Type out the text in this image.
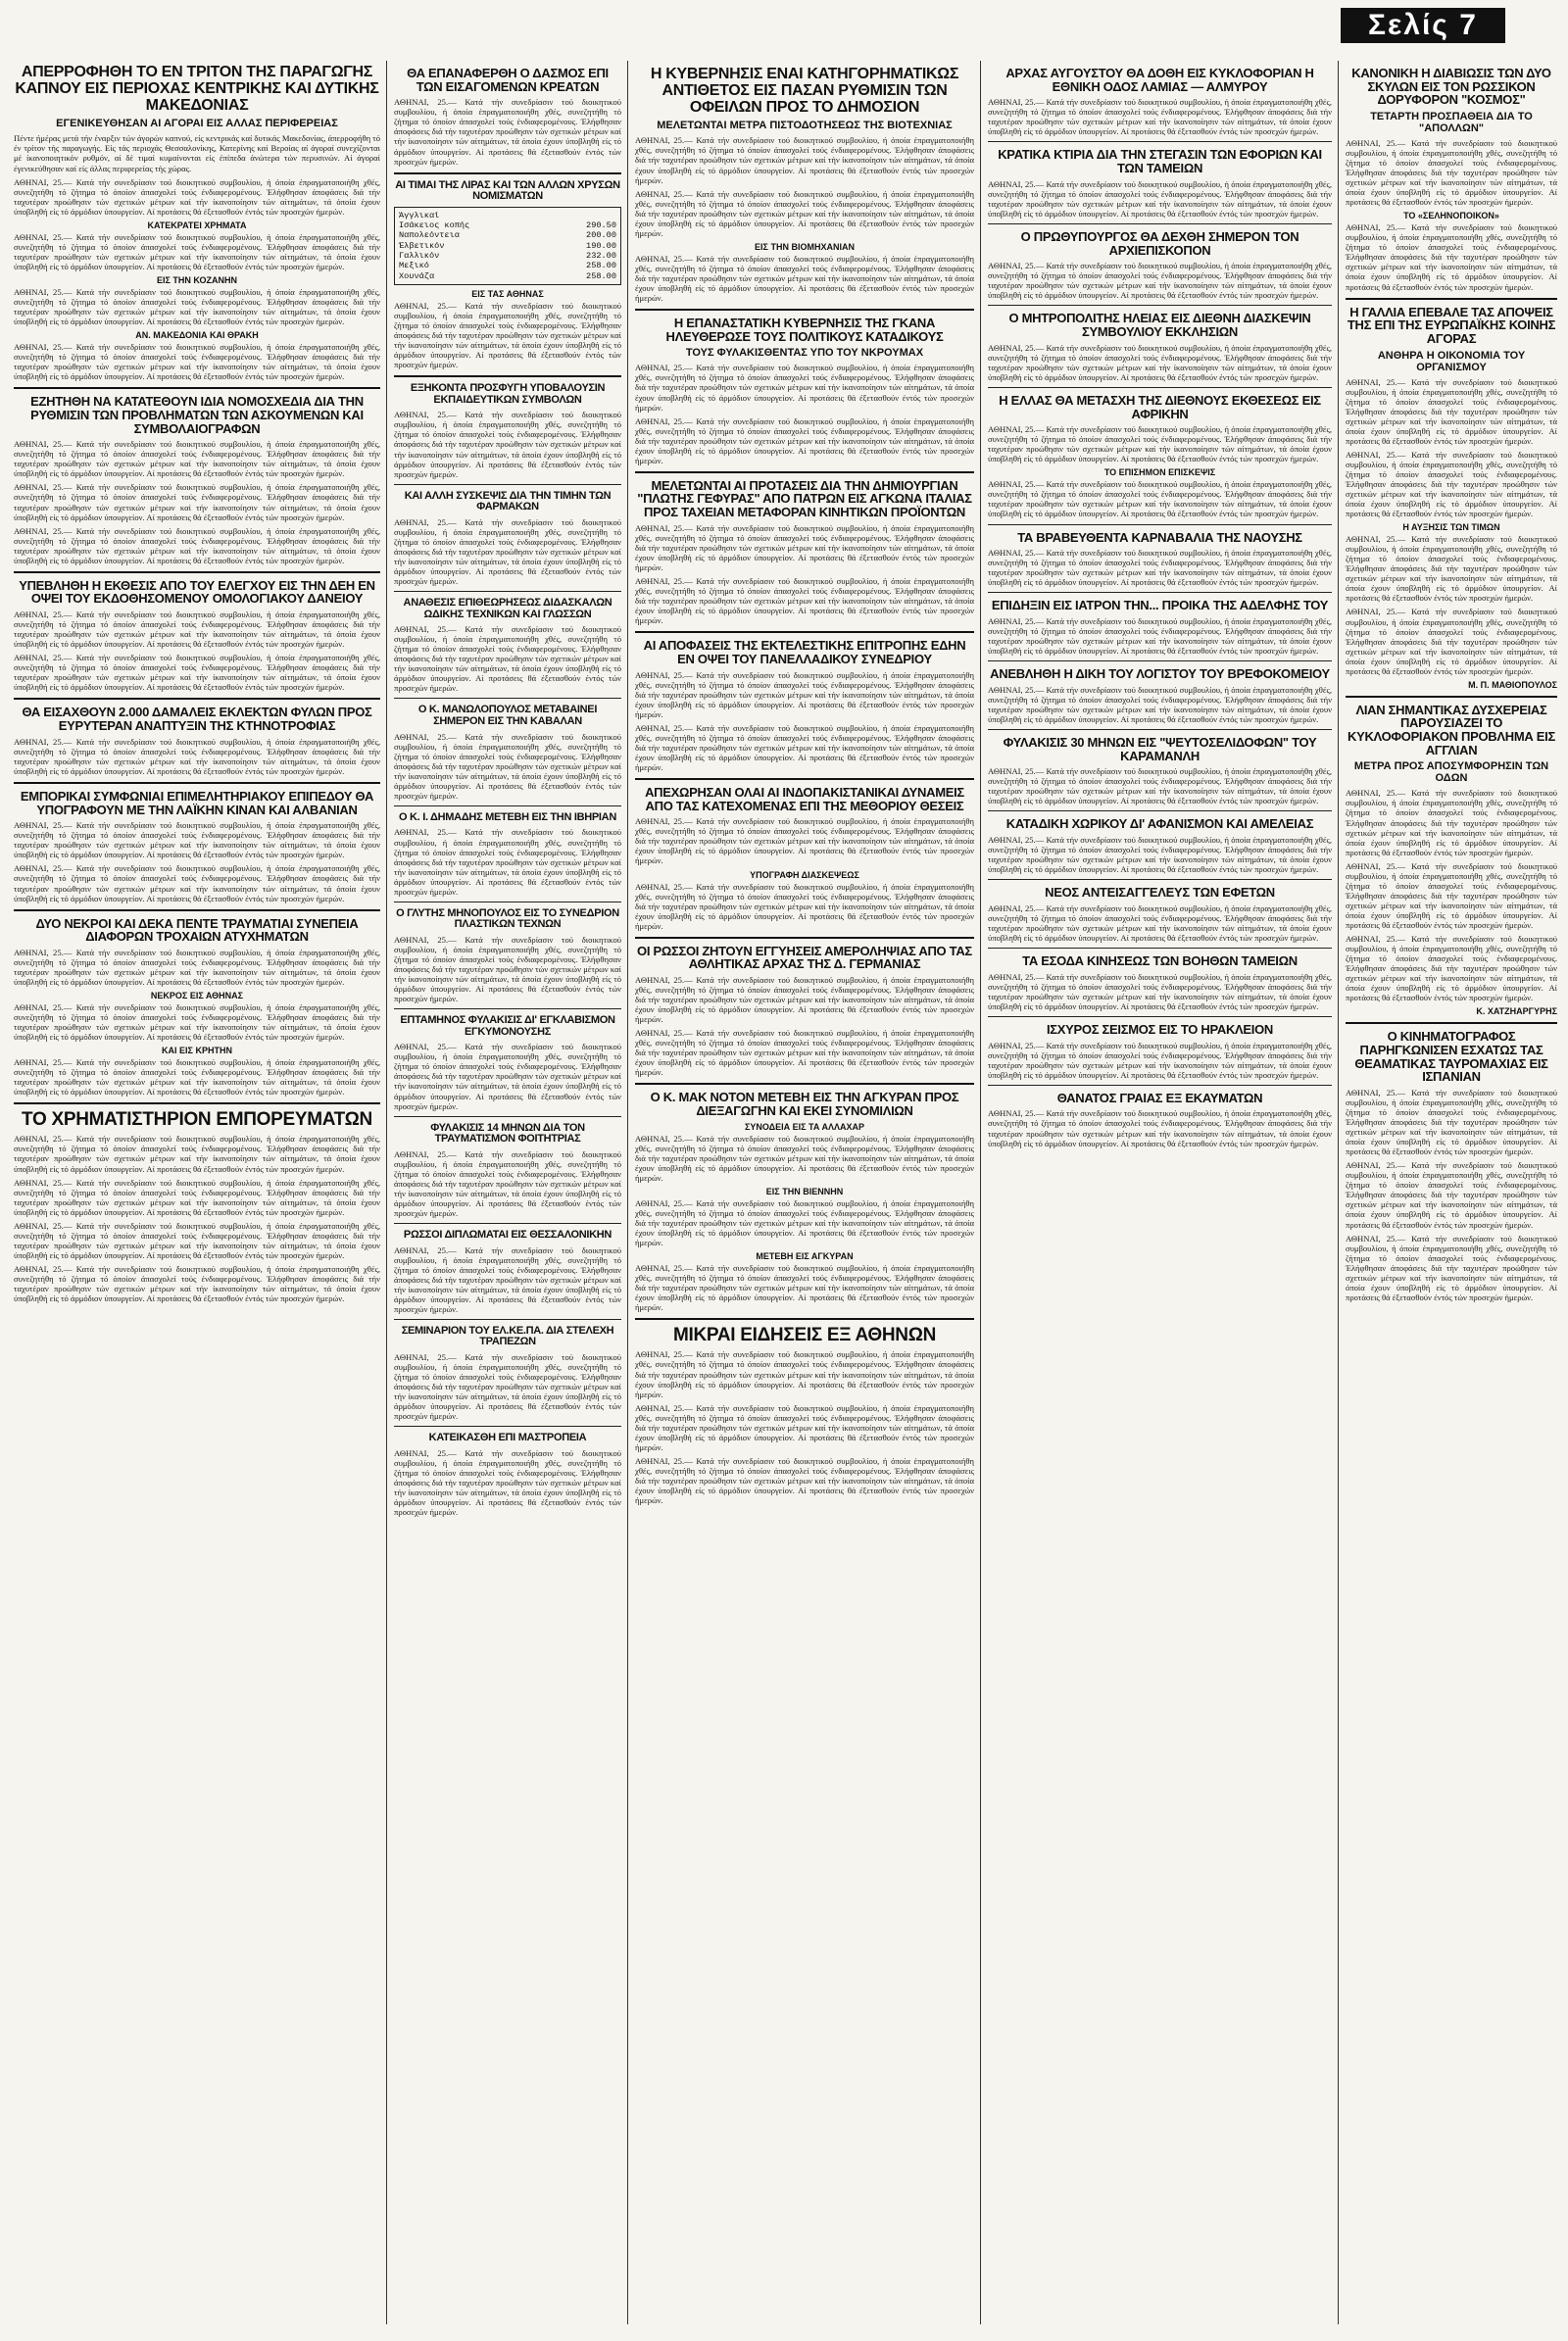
Σελίς 7
ΑΠΕΡΡΟΦΗΘΗ ΤΟ ΕΝ ΤΡΙΤΟΝ ΤΗΣ ΠΑΡΑΓΩΓΗΣ ΚΑΠΝΟΥ ΕΙΣ ΠΕΡΙΟΧΑΣ ΚΕΝΤΡΙΚΗΣ ΚΑΙ ΔΥΤΙΚΗΣ ΜΑΚΕΔΟΝΙΑΣ
ΕΓΕΝΙΚΕΥΘΗΣΑΝ ΑΙ ΑΓΟΡΑΙ ΕΙΣ ΑΛΛΑΣ ΠΕΡΙΦΕΡΕΙΑΣ

Πέντε ήμέρας μετά τήν έναρξιν τών άγορών καπνού, είς κεντρικάς καί δυτικάς Μακεδονίας, άπερροφήθη τό έν τρίτον τής παραγωγής. Είς τάς περιοχάς Θεσσαλονίκης, Κατερίνης καί Βεροίας αί άγοραί συνεχίζονται μέ ίκανοποιητικόν ρυθμόν, αί δέ τιμαί κυμαίνονται είς έπίπεδα άνώτερα τών περυσινών. Αί άγοραί έγενικεύθησαν καί είς άλλας περιφερείας τής χώρας.

ΑΘΗΝΑΙ, 25.— Κατά τήν συνεδρίασιν τού διοικητικού συμβουλίου, ή όποία έπραγματοποιήθη χθές, συνεζητήθη τό ζήτημα τό όποίον άπασχολεί τούς ένδιαφερομένους. Έλήφθησαν άποφάσεις διά τήν ταχυτέραν προώθησιν τών σχετικών μέτρων καί τήν ίκανοποίησιν τών αίτημάτων, τά όποία έχουν ύποβληθή είς τό άρμόδιον ύπουργείον. Αί προτάσεις θά έξετασθούν έντός τών προσεχών ήμερών.

ΚΑΤΕΚΡΑΤΕΙ ΧΡΗΜΑΤΑ

ΑΘΗΝΑΙ, 25.— Κατά τήν συνεδρίασιν τού διοικητικού συμβουλίου, ή όποία έπραγματοποιήθη χθές, συνεζητήθη τό ζήτημα τό όποίον άπασχολεί τούς ένδιαφερομένους. Έλήφθησαν άποφάσεις διά τήν ταχυτέραν προώθησιν τών σχετικών μέτρων καί τήν ίκανοποίησιν τών αίτημάτων, τά όποία έχουν ύποβληθή είς τό άρμόδιον ύπουργείον. Αί προτάσεις θά έξετασθούν έντός τών προσεχών ήμερών.

ΕΙΣ ΤΗΝ ΚΟΖΑΝΗΝ

ΑΘΗΝΑΙ, 25.— Κατά τήν συνεδρίασιν τού διοικητικού συμβουλίου, ή όποία έπραγματοποιήθη χθές, συνεζητήθη τό ζήτημα τό όποίον άπασχολεί τούς ένδιαφερομένους. Έλήφθησαν άποφάσεις διά τήν ταχυτέραν προώθησιν τών σχετικών μέτρων καί τήν ίκανοποίησιν τών αίτημάτων, τά όποία έχουν ύποβληθή είς τό άρμόδιον ύπουργείον. Αί προτάσεις θά έξετασθούν έντός τών προσεχών ήμερών.

ΑΝ. ΜΑΚΕΔΟΝΙΑ ΚΑΙ ΘΡΑΚΗ

ΑΘΗΝΑΙ, 25.— Κατά τήν συνεδρίασιν τού διοικητικού συμβουλίου, ή όποία έπραγματοποιήθη χθές, συνεζητήθη τό ζήτημα τό όποίον άπασχολεί τούς ένδιαφερομένους. Έλήφθησαν άποφάσεις διά τήν ταχυτέραν προώθησιν τών σχετικών μέτρων καί τήν ίκανοποίησιν τών αίτημάτων, τά όποία έχουν ύποβληθή είς τό άρμόδιον ύπουργείον. Αί προτάσεις θά έξετασθούν έντός τών προσεχών ήμερών.

ΕΖΗΤΗΘΗ ΝΑ ΚΑΤΑΤΕΘΟΥΝ ΙΔΙΑ ΝΟΜΟΣΧΕΔΙΑ ΔΙΑ ΤΗΝ ΡΥΘΜΙΣΙΝ ΤΩΝ ΠΡΟΒΛΗΜΑΤΩΝ ΤΩΝ ΑΣΚΟΥΜΕΝΩΝ ΚΑΙ ΣΥΜΒΟΛΑΙΟΓΡΑΦΩΝ

ΑΘΗΝΑΙ, 25.— Κατά τήν συνεδρίασιν τού διοικητικού συμβουλίου, ή όποία έπραγματοποιήθη χθές, συνεζητήθη τό ζήτημα τό όποίον άπασχολεί τούς ένδιαφερομένους. Έλήφθησαν άποφάσεις διά τήν ταχυτέραν προώθησιν τών σχετικών μέτρων καί τήν ίκανοποίησιν τών αίτημάτων, τά όποία έχουν ύποβληθή είς τό άρμόδιον ύπουργείον. Αί προτάσεις θά έξετασθούν έντός τών προσεχών ήμερών.

ΑΘΗΝΑΙ, 25.— Κατά τήν συνεδρίασιν τού διοικητικού συμβουλίου, ή όποία έπραγματοποιήθη χθές, συνεζητήθη τό ζήτημα τό όποίον άπασχολεί τούς ένδιαφερομένους. Έλήφθησαν άποφάσεις διά τήν ταχυτέραν προώθησιν τών σχετικών μέτρων καί τήν ίκανοποίησιν τών αίτημάτων, τά όποία έχουν ύποβληθή είς τό άρμόδιον ύπουργείον. Αί προτάσεις θά έξετασθούν έντός τών προσεχών ήμερών.

ΑΘΗΝΑΙ, 25.— Κατά τήν συνεδρίασιν τού διοικητικού συμβουλίου, ή όποία έπραγματοποιήθη χθές, συνεζητήθη τό ζήτημα τό όποίον άπασχολεί τούς ένδιαφερομένους. Έλήφθησαν άποφάσεις διά τήν ταχυτέραν προώθησιν τών σχετικών μέτρων καί τήν ίκανοποίησιν τών αίτημάτων, τά όποία έχουν ύποβληθή είς τό άρμόδιον ύπουργείον. Αί προτάσεις θά έξετασθούν έντός τών προσεχών ήμερών.

ΥΠΕΒΛΗΘΗ Η ΕΚΘΕΣΙΣ ΑΠΟ ΤΟΥ ΕΛΕΓΧΟΥ ΕΙΣ ΤΗΝ ΔΕΗ ΕΝ ΟΨΕΙ ΤΟΥ ΕΚΔΟΘΗΣΟΜΕΝΟΥ ΟΜΟΛΟΓΙΑΚΟΥ ΔΑΝΕΙΟΥ

ΑΘΗΝΑΙ, 25.— Κατά τήν συνεδρίασιν τού διοικητικού συμβουλίου, ή όποία έπραγματοποιήθη χθές, συνεζητήθη τό ζήτημα τό όποίον άπασχολεί τούς ένδιαφερομένους. Έλήφθησαν άποφάσεις διά τήν ταχυτέραν προώθησιν τών σχετικών μέτρων καί τήν ίκανοποίησιν τών αίτημάτων, τά όποία έχουν ύποβληθή είς τό άρμόδιον ύπουργείον. Αί προτάσεις θά έξετασθούν έντός τών προσεχών ήμερών.

ΑΘΗΝΑΙ, 25.— Κατά τήν συνεδρίασιν τού διοικητικού συμβουλίου, ή όποία έπραγματοποιήθη χθές, συνεζητήθη τό ζήτημα τό όποίον άπασχολεί τούς ένδιαφερομένους. Έλήφθησαν άποφάσεις διά τήν ταχυτέραν προώθησιν τών σχετικών μέτρων καί τήν ίκανοποίησιν τών αίτημάτων, τά όποία έχουν ύποβληθή είς τό άρμόδιον ύπουργείον. Αί προτάσεις θά έξετασθούν έντός τών προσεχών ήμερών.

ΘΑ ΕΙΣΑΧΘΟΥΝ 2.000 ΔΑΜΑΛΕΙΣ ΕΚΛΕΚΤΩΝ ΦΥΛΩΝ ΠΡΟΣ ΕΥΡΥΤΕΡΑΝ ΑΝΑΠΤΥΞΙΝ ΤΗΣ ΚΤΗΝΟΤΡΟΦΙΑΣ

ΑΘΗΝΑΙ, 25.— Κατά τήν συνεδρίασιν τού διοικητικού συμβουλίου, ή όποία έπραγματοποιήθη χθές, συνεζητήθη τό ζήτημα τό όποίον άπασχολεί τούς ένδιαφερομένους. Έλήφθησαν άποφάσεις διά τήν ταχυτέραν προώθησιν τών σχετικών μέτρων καί τήν ίκανοποίησιν τών αίτημάτων, τά όποία έχουν ύποβληθή είς τό άρμόδιον ύπουργείον. Αί προτάσεις θά έξετασθούν έντός τών προσεχών ήμερών.

ΕΜΠΟΡΙΚΑΙ ΣΥΜΦΩΝΙΑΙ ΕΠΙΜΕΛΗΤΗΡΙΑΚΟΥ ΕΠΙΠΕΔΟΥ ΘΑ ΥΠΟΓΡΑΦΟΥΝ ΜΕ ΤΗΝ ΛΑΪΚΗΝ ΚΙΝΑΝ ΚΑΙ ΑΛΒΑΝΙΑΝ

ΑΘΗΝΑΙ, 25.— Κατά τήν συνεδρίασιν τού διοικητικού συμβουλίου, ή όποία έπραγματοποιήθη χθές, συνεζητήθη τό ζήτημα τό όποίον άπασχολεί τούς ένδιαφερομένους. Έλήφθησαν άποφάσεις διά τήν ταχυτέραν προώθησιν τών σχετικών μέτρων καί τήν ίκανοποίησιν τών αίτημάτων, τά όποία έχουν ύποβληθή είς τό άρμόδιον ύπουργείον. Αί προτάσεις θά έξετασθούν έντός τών προσεχών ήμερών.

ΑΘΗΝΑΙ, 25.— Κατά τήν συνεδρίασιν τού διοικητικού συμβουλίου, ή όποία έπραγματοποιήθη χθές, συνεζητήθη τό ζήτημα τό όποίον άπασχολεί τούς ένδιαφερομένους. Έλήφθησαν άποφάσεις διά τήν ταχυτέραν προώθησιν τών σχετικών μέτρων καί τήν ίκανοποίησιν τών αίτημάτων, τά όποία έχουν ύποβληθή είς τό άρμόδιον ύπουργείον. Αί προτάσεις θά έξετασθούν έντός τών προσεχών ήμερών.

ΔΥΟ ΝΕΚΡΟΙ ΚΑΙ ΔΕΚΑ ΠΕΝΤΕ ΤΡΑΥΜΑΤΙΑΙ ΣΥΝΕΠΕΙΑ ΔΙΑΦΟΡΩΝ ΤΡΟΧΑΙΩΝ ΑΤΥΧΗΜΑΤΩΝ

ΑΘΗΝΑΙ, 25.— Κατά τήν συνεδρίασιν τού διοικητικού συμβουλίου, ή όποία έπραγματοποιήθη χθές, συνεζητήθη τό ζήτημα τό όποίον άπασχολεί τούς ένδιαφερομένους. Έλήφθησαν άποφάσεις διά τήν ταχυτέραν προώθησιν τών σχετικών μέτρων καί τήν ίκανοποίησιν τών αίτημάτων, τά όποία έχουν ύποβληθή είς τό άρμόδιον ύπουργείον. Αί προτάσεις θά έξετασθούν έντός τών προσεχών ήμερών.

ΝΕΚΡΟΣ ΕΙΣ ΑΘΗΝΑΣ

ΑΘΗΝΑΙ, 25.— Κατά τήν συνεδρίασιν τού διοικητικού συμβουλίου, ή όποία έπραγματοποιήθη χθές, συνεζητήθη τό ζήτημα τό όποίον άπασχολεί τούς ένδιαφερομένους. Έλήφθησαν άποφάσεις διά τήν ταχυτέραν προώθησιν τών σχετικών μέτρων καί τήν ίκανοποίησιν τών αίτημάτων, τά όποία έχουν ύποβληθή είς τό άρμόδιον ύπουργείον. Αί προτάσεις θά έξετασθούν έντός τών προσεχών ήμερών.

ΚΑΙ ΕΙΣ ΚΡΗΤΗΝ

ΑΘΗΝΑΙ, 25.— Κατά τήν συνεδρίασιν τού διοικητικού συμβουλίου, ή όποία έπραγματοποιήθη χθές, συνεζητήθη τό ζήτημα τό όποίον άπασχολεί τούς ένδιαφερομένους. Έλήφθησαν άποφάσεις διά τήν ταχυτέραν προώθησιν τών σχετικών μέτρων καί τήν ίκανοποίησιν τών αίτημάτων, τά όποία έχουν ύποβληθή είς τό άρμόδιον ύπουργείον. Αί προτάσεις θά έξετασθούν έντός τών προσεχών ήμερών.

ΤΟ ΧΡΗΜΑΤΙΣΤΗΡΙΟΝ ΕΜΠΟΡΕΥΜΑΤΩΝ

ΑΘΗΝΑΙ, 25.— Κατά τήν συνεδρίασιν τού διοικητικού συμβουλίου, ή όποία έπραγματοποιήθη χθές, συνεζητήθη τό ζήτημα τό όποίον άπασχολεί τούς ένδιαφερομένους. Έλήφθησαν άποφάσεις διά τήν ταχυτέραν προώθησιν τών σχετικών μέτρων καί τήν ίκανοποίησιν τών αίτημάτων, τά όποία έχουν ύποβληθή είς τό άρμόδιον ύπουργείον. Αί προτάσεις θά έξετασθούν έντός τών προσεχών ήμερών.

ΑΘΗΝΑΙ, 25.— Κατά τήν συνεδρίασιν τού διοικητικού συμβουλίου, ή όποία έπραγματοποιήθη χθές, συνεζητήθη τό ζήτημα τό όποίον άπασχολεί τούς ένδιαφερομένους. Έλήφθησαν άποφάσεις διά τήν ταχυτέραν προώθησιν τών σχετικών μέτρων καί τήν ίκανοποίησιν τών αίτημάτων, τά όποία έχουν ύποβληθή είς τό άρμόδιον ύπουργείον. Αί προτάσεις θά έξετασθούν έντός τών προσεχών ήμερών.

ΑΘΗΝΑΙ, 25.— Κατά τήν συνεδρίασιν τού διοικητικού συμβουλίου, ή όποία έπραγματοποιήθη χθές, συνεζητήθη τό ζήτημα τό όποίον άπασχολεί τούς ένδιαφερομένους. Έλήφθησαν άποφάσεις διά τήν ταχυτέραν προώθησιν τών σχετικών μέτρων καί τήν ίκανοποίησιν τών αίτημάτων, τά όποία έχουν ύποβληθή είς τό άρμόδιον ύπουργείον. Αί προτάσεις θά έξετασθούν έντός τών προσεχών ήμερών.

ΑΘΗΝΑΙ, 25.— Κατά τήν συνεδρίασιν τού διοικητικού συμβουλίου, ή όποία έπραγματοποιήθη χθές, συνεζητήθη τό ζήτημα τό όποίον άπασχολεί τούς ένδιαφερομένους. Έλήφθησαν άποφάσεις διά τήν ταχυτέραν προώθησιν τών σχετικών μέτρων καί τήν ίκανοποίησιν τών αίτημάτων, τά όποία έχουν ύποβληθή είς τό άρμόδιον ύπουργείον. Αί προτάσεις θά έξετασθούν έντός τών προσεχών ήμερών.

ΘΑ ΕΠΑΝΑΦΕΡΘΗ Ο ΔΑΣΜΟΣ ΕΠΙ ΤΩΝ ΕΙΣΑΓΟΜΕΝΩΝ ΚΡΕΑΤΩΝ

ΑΘΗΝΑΙ, 25.— Κατά τήν συνεδρίασιν τού διοικητικού συμβουλίου, ή όποία έπραγματοποιήθη χθές, συνεζητήθη τό ζήτημα τό όποίον άπασχολεί τούς ένδιαφερομένους. Έλήφθησαν άποφάσεις διά τήν ταχυτέραν προώθησιν τών σχετικών μέτρων καί τήν ίκανοποίησιν τών αίτημάτων, τά όποία έχουν ύποβληθή είς τό άρμόδιον ύπουργείον. Αί προτάσεις θά έξετασθούν έντός τών προσεχών ήμερών.

ΑΙ ΤΙΜΑΙ ΤΗΣ ΛΙΡΑΣ ΚΑΙ ΤΩΝ ΑΛΛΩΝ ΧΡΥΣΩΝ ΝΟΜΙΣΜΑΤΩΝ
Άγγλικαί
Ισάκειος κοπής	290.50
Ναπολεόντεια	200.00
Έλβετικόν	190.00
Γαλλικόν	232.00
Μεξικό	258.00
Χουνάζα	258.00
ΕΙΣ ΤΑΣ ΑΘΗΝΑΣ

ΑΘΗΝΑΙ, 25.— Κατά τήν συνεδρίασιν τού διοικητικού συμβουλίου, ή όποία έπραγματοποιήθη χθές, συνεζητήθη τό ζήτημα τό όποίον άπασχολεί τούς ένδιαφερομένους. Έλήφθησαν άποφάσεις διά τήν ταχυτέραν προώθησιν τών σχετικών μέτρων καί τήν ίκανοποίησιν τών αίτημάτων, τά όποία έχουν ύποβληθή είς τό άρμόδιον ύπουργείον. Αί προτάσεις θά έξετασθούν έντός τών προσεχών ήμερών.

ΕΞΗΚΟΝΤΑ ΠΡΟΣΦΥΓΗ ΥΠΟΒΑΛΟΥΣΙΝ ΕΚΠΑΙΔΕΥΤΙΚΩΝ ΣΥΜΒΟΛΩΝ

ΑΘΗΝΑΙ, 25.— Κατά τήν συνεδρίασιν τού διοικητικού συμβουλίου, ή όποία έπραγματοποιήθη χθές, συνεζητήθη τό ζήτημα τό όποίον άπασχολεί τούς ένδιαφερομένους. Έλήφθησαν άποφάσεις διά τήν ταχυτέραν προώθησιν τών σχετικών μέτρων καί τήν ίκανοποίησιν τών αίτημάτων, τά όποία έχουν ύποβληθή είς τό άρμόδιον ύπουργείον. Αί προτάσεις θά έξετασθούν έντός τών προσεχών ήμερών.

ΚΑΙ ΑΛΛΗ ΣΥΣΚΕΨΙΣ ΔΙΑ ΤΗΝ ΤΙΜΗΝ ΤΩΝ ΦΑΡΜΑΚΩΝ

ΑΘΗΝΑΙ, 25.— Κατά τήν συνεδρίασιν τού διοικητικού συμβουλίου, ή όποία έπραγματοποιήθη χθές, συνεζητήθη τό ζήτημα τό όποίον άπασχολεί τούς ένδιαφερομένους. Έλήφθησαν άποφάσεις διά τήν ταχυτέραν προώθησιν τών σχετικών μέτρων καί τήν ίκανοποίησιν τών αίτημάτων, τά όποία έχουν ύποβληθή είς τό άρμόδιον ύπουργείον. Αί προτάσεις θά έξετασθούν έντός τών προσεχών ήμερών.

ΑΝΑΘΕΣΙΣ ΕΠΙΘΕΩΡΗΣΕΩΣ ΔΙΔΑΣΚΑΛΩΝ ΩΔΙΚΗΣ ΤΕΧΝΙΚΩΝ ΚΑΙ ΓΛΩΣΣΩΝ

ΑΘΗΝΑΙ, 25.— Κατά τήν συνεδρίασιν τού διοικητικού συμβουλίου, ή όποία έπραγματοποιήθη χθές, συνεζητήθη τό ζήτημα τό όποίον άπασχολεί τούς ένδιαφερομένους. Έλήφθησαν άποφάσεις διά τήν ταχυτέραν προώθησιν τών σχετικών μέτρων καί τήν ίκανοποίησιν τών αίτημάτων, τά όποία έχουν ύποβληθή είς τό άρμόδιον ύπουργείον. Αί προτάσεις θά έξετασθούν έντός τών προσεχών ήμερών.

Ο Κ. ΜΑΝΩΛΟΠΟΥΛΟΣ ΜΕΤΑΒΑΙΝΕΙ ΣΗΜΕΡΟΝ ΕΙΣ ΤΗΝ ΚΑΒΑΛΑΝ

ΑΘΗΝΑΙ, 25.— Κατά τήν συνεδρίασιν τού διοικητικού συμβουλίου, ή όποία έπραγματοποιήθη χθές, συνεζητήθη τό ζήτημα τό όποίον άπασχολεί τούς ένδιαφερομένους. Έλήφθησαν άποφάσεις διά τήν ταχυτέραν προώθησιν τών σχετικών μέτρων καί τήν ίκανοποίησιν τών αίτημάτων, τά όποία έχουν ύποβληθή είς τό άρμόδιον ύπουργείον. Αί προτάσεις θά έξετασθούν έντός τών προσεχών ήμερών.

Ο Κ. Ι. ΔΗΜΑΔΗΣ ΜΕΤΕΒΗ ΕΙΣ ΤΗΝ ΙΒΗΡΙΑΝ

ΑΘΗΝΑΙ, 25.— Κατά τήν συνεδρίασιν τού διοικητικού συμβουλίου, ή όποία έπραγματοποιήθη χθές, συνεζητήθη τό ζήτημα τό όποίον άπασχολεί τούς ένδιαφερομένους. Έλήφθησαν άποφάσεις διά τήν ταχυτέραν προώθησιν τών σχετικών μέτρων καί τήν ίκανοποίησιν τών αίτημάτων, τά όποία έχουν ύποβληθή είς τό άρμόδιον ύπουργείον. Αί προτάσεις θά έξετασθούν έντός τών προσεχών ήμερών.

Ο ΓΛΥΤΗΣ ΜΗΝΟΠΟΥΛΟΣ ΕΙΣ ΤΟ ΣΥΝΕΔΡΙΟΝ ΠΛΑΣΤΙΚΩΝ ΤΕΧΝΩΝ

ΑΘΗΝΑΙ, 25.— Κατά τήν συνεδρίασιν τού διοικητικού συμβουλίου, ή όποία έπραγματοποιήθη χθές, συνεζητήθη τό ζήτημα τό όποίον άπασχολεί τούς ένδιαφερομένους. Έλήφθησαν άποφάσεις διά τήν ταχυτέραν προώθησιν τών σχετικών μέτρων καί τήν ίκανοποίησιν τών αίτημάτων, τά όποία έχουν ύποβληθή είς τό άρμόδιον ύπουργείον. Αί προτάσεις θά έξετασθούν έντός τών προσεχών ήμερών.

ΕΠΤΑΜΗΝΟΣ ΦΥΛΑΚΙΣΙΣ ΔΙ' ΕΓΚΛΑΒΙΣΜΟΝ ΕΓΚΥΜΟΝΟΥΣΗΣ

ΑΘΗΝΑΙ, 25.— Κατά τήν συνεδρίασιν τού διοικητικού συμβουλίου, ή όποία έπραγματοποιήθη χθές, συνεζητήθη τό ζήτημα τό όποίον άπασχολεί τούς ένδιαφερομένους. Έλήφθησαν άποφάσεις διά τήν ταχυτέραν προώθησιν τών σχετικών μέτρων καί τήν ίκανοποίησιν τών αίτημάτων, τά όποία έχουν ύποβληθή είς τό άρμόδιον ύπουργείον. Αί προτάσεις θά έξετασθούν έντός τών προσεχών ήμερών.

ΦΥΛΑΚΙΣΙΣ 14 ΜΗΝΩΝ ΔΙΑ ΤΟΝ ΤΡΑΥΜΑΤΙΣΜΟΝ ΦΟΙΤΗΤΡΙΑΣ

ΑΘΗΝΑΙ, 25.— Κατά τήν συνεδρίασιν τού διοικητικού συμβουλίου, ή όποία έπραγματοποιήθη χθές, συνεζητήθη τό ζήτημα τό όποίον άπασχολεί τούς ένδιαφερομένους. Έλήφθησαν άποφάσεις διά τήν ταχυτέραν προώθησιν τών σχετικών μέτρων καί τήν ίκανοποίησιν τών αίτημάτων, τά όποία έχουν ύποβληθή είς τό άρμόδιον ύπουργείον. Αί προτάσεις θά έξετασθούν έντός τών προσεχών ήμερών.

ΡΩΣΣΟΙ ΔΙΠΛΩΜΑΤΑΙ ΕΙΣ ΘΕΣΣΑΛΟΝΙΚΗΝ

ΑΘΗΝΑΙ, 25.— Κατά τήν συνεδρίασιν τού διοικητικού συμβουλίου, ή όποία έπραγματοποιήθη χθές, συνεζητήθη τό ζήτημα τό όποίον άπασχολεί τούς ένδιαφερομένους. Έλήφθησαν άποφάσεις διά τήν ταχυτέραν προώθησιν τών σχετικών μέτρων καί τήν ίκανοποίησιν τών αίτημάτων, τά όποία έχουν ύποβληθή είς τό άρμόδιον ύπουργείον. Αί προτάσεις θά έξετασθούν έντός τών προσεχών ήμερών.

ΣΕΜΙΝΑΡΙΟΝ ΤΟΥ ΕΛ.ΚΕ.ΠΑ. ΔΙΑ ΣΤΕΛΕΧΗ ΤΡΑΠΕΖΩΝ

ΑΘΗΝΑΙ, 25.— Κατά τήν συνεδρίασιν τού διοικητικού συμβουλίου, ή όποία έπραγματοποιήθη χθές, συνεζητήθη τό ζήτημα τό όποίον άπασχολεί τούς ένδιαφερομένους. Έλήφθησαν άποφάσεις διά τήν ταχυτέραν προώθησιν τών σχετικών μέτρων καί τήν ίκανοποίησιν τών αίτημάτων, τά όποία έχουν ύποβληθή είς τό άρμόδιον ύπουργείον. Αί προτάσεις θά έξετασθούν έντός τών προσεχών ήμερών.

ΚΑΤΕΙΚΑΣΘΗ ΕΠΙ ΜΑΣΤΡΟΠΕΙΑ

ΑΘΗΝΑΙ, 25.— Κατά τήν συνεδρίασιν τού διοικητικού συμβουλίου, ή όποία έπραγματοποιήθη χθές, συνεζητήθη τό ζήτημα τό όποίον άπασχολεί τούς ένδιαφερομένους. Έλήφθησαν άποφάσεις διά τήν ταχυτέραν προώθησιν τών σχετικών μέτρων καί τήν ίκανοποίησιν τών αίτημάτων, τά όποία έχουν ύποβληθή είς τό άρμόδιον ύπουργείον. Αί προτάσεις θά έξετασθούν έντός τών προσεχών ήμερών.

Η ΚΥΒΕΡΝΗΣΙΣ ΕΝΑΙ ΚΑΤΗΓΟΡΗΜΑΤΙΚΩΣ ΑΝΤΙΘΕΤΟΣ ΕΙΣ ΠΑΣΑΝ ΡΥΘΜΙΣΙΝ ΤΩΝ ΟΦΕΙΛΩΝ ΠΡΟΣ ΤΟ ΔΗΜΟΣΙΟΝ
ΜΕΛΕΤΩΝΤΑΙ ΜΕΤΡΑ ΠΙΣΤΟΔΟΤΗΣΕΩΣ ΤΗΣ ΒΙΟΤΕΧΝΙΑΣ

ΑΘΗΝΑΙ, 25.— Κατά τήν συνεδρίασιν τού διοικητικού συμβουλίου, ή όποία έπραγματοποιήθη χθές, συνεζητήθη τό ζήτημα τό όποίον άπασχολεί τούς ένδιαφερομένους. Έλήφθησαν άποφάσεις διά τήν ταχυτέραν προώθησιν τών σχετικών μέτρων καί τήν ίκανοποίησιν τών αίτημάτων, τά όποία έχουν ύποβληθή είς τό άρμόδιον ύπουργείον. Αί προτάσεις θά έξετασθούν έντός τών προσεχών ήμερών.

ΑΘΗΝΑΙ, 25.— Κατά τήν συνεδρίασιν τού διοικητικού συμβουλίου, ή όποία έπραγματοποιήθη χθές, συνεζητήθη τό ζήτημα τό όποίον άπασχολεί τούς ένδιαφερομένους. Έλήφθησαν άποφάσεις διά τήν ταχυτέραν προώθησιν τών σχετικών μέτρων καί τήν ίκανοποίησιν τών αίτημάτων, τά όποία έχουν ύποβληθή είς τό άρμόδιον ύπουργείον. Αί προτάσεις θά έξετασθούν έντός τών προσεχών ήμερών.

ΕΙΣ ΤΗΝ ΒΙΟΜΗΧΑΝΙΑΝ

ΑΘΗΝΑΙ, 25.— Κατά τήν συνεδρίασιν τού διοικητικού συμβουλίου, ή όποία έπραγματοποιήθη χθές, συνεζητήθη τό ζήτημα τό όποίον άπασχολεί τούς ένδιαφερομένους. Έλήφθησαν άποφάσεις διά τήν ταχυτέραν προώθησιν τών σχετικών μέτρων καί τήν ίκανοποίησιν τών αίτημάτων, τά όποία έχουν ύποβληθή είς τό άρμόδιον ύπουργείον. Αί προτάσεις θά έξετασθούν έντός τών προσεχών ήμερών.

Η ΕΠΑΝΑΣΤΑΤΙΚΗ ΚΥΒΕΡΝΗΣΙΣ ΤΗΣ ΓΚΑΝΑ ΗΛΕΥΘΕΡΩΣΕ ΤΟΥΣ ΠΟΛΙΤΙΚΟΥΣ ΚΑΤΑΔΙΚΟΥΣ
ΤΟΥΣ ΦΥΛΑΚΙΣΘΕΝΤΑΣ ΥΠΟ ΤΟΥ ΝΚΡΟΥΜΑΧ

ΑΘΗΝΑΙ, 25.— Κατά τήν συνεδρίασιν τού διοικητικού συμβουλίου, ή όποία έπραγματοποιήθη χθές, συνεζητήθη τό ζήτημα τό όποίον άπασχολεί τούς ένδιαφερομένους. Έλήφθησαν άποφάσεις διά τήν ταχυτέραν προώθησιν τών σχετικών μέτρων καί τήν ίκανοποίησιν τών αίτημάτων, τά όποία έχουν ύποβληθή είς τό άρμόδιον ύπουργείον. Αί προτάσεις θά έξετασθούν έντός τών προσεχών ήμερών.

ΑΘΗΝΑΙ, 25.— Κατά τήν συνεδρίασιν τού διοικητικού συμβουλίου, ή όποία έπραγματοποιήθη χθές, συνεζητήθη τό ζήτημα τό όποίον άπασχολεί τούς ένδιαφερομένους. Έλήφθησαν άποφάσεις διά τήν ταχυτέραν προώθησιν τών σχετικών μέτρων καί τήν ίκανοποίησιν τών αίτημάτων, τά όποία έχουν ύποβληθή είς τό άρμόδιον ύπουργείον. Αί προτάσεις θά έξετασθούν έντός τών προσεχών ήμερών.

ΜΕΛΕΤΩΝΤΑΙ ΑΙ ΠΡΟΤΑΣΕΙΣ ΔΙΑ ΤΗΝ ΔΗΜΙΟΥΡΓΙΑΝ "ΠΛΩΤΗΣ ΓΕΦΥΡΑΣ" ΑΠΟ ΠΑΤΡΩΝ ΕΙΣ ΑΓΚΩΝΑ ΙΤΑΛΙΑΣ ΠΡΟΣ ΤΑΧΕΙΑΝ ΜΕΤΑΦΟΡΑΝ ΚΙΝΗΤΙΚΩΝ ΠΡΟΪΟΝΤΩΝ

ΑΘΗΝΑΙ, 25.— Κατά τήν συνεδρίασιν τού διοικητικού συμβουλίου, ή όποία έπραγματοποιήθη χθές, συνεζητήθη τό ζήτημα τό όποίον άπασχολεί τούς ένδιαφερομένους. Έλήφθησαν άποφάσεις διά τήν ταχυτέραν προώθησιν τών σχετικών μέτρων καί τήν ίκανοποίησιν τών αίτημάτων, τά όποία έχουν ύποβληθή είς τό άρμόδιον ύπουργείον. Αί προτάσεις θά έξετασθούν έντός τών προσεχών ήμερών.

ΑΘΗΝΑΙ, 25.— Κατά τήν συνεδρίασιν τού διοικητικού συμβουλίου, ή όποία έπραγματοποιήθη χθές, συνεζητήθη τό ζήτημα τό όποίον άπασχολεί τούς ένδιαφερομένους. Έλήφθησαν άποφάσεις διά τήν ταχυτέραν προώθησιν τών σχετικών μέτρων καί τήν ίκανοποίησιν τών αίτημάτων, τά όποία έχουν ύποβληθή είς τό άρμόδιον ύπουργείον. Αί προτάσεις θά έξετασθούν έντός τών προσεχών ήμερών.

ΑΙ ΑΠΟΦΑΣΕΙΣ ΤΗΣ ΕΚΤΕΛΕΣΤΙΚΗΣ ΕΠΙΤΡΟΠΗΣ ΕΔΗΝ ΕΝ ΟΨΕΙ ΤΟΥ ΠΑΝΕΛΛΑΔΙΚΟΥ ΣΥΝΕΔΡΙΟΥ

ΑΘΗΝΑΙ, 25.— Κατά τήν συνεδρίασιν τού διοικητικού συμβουλίου, ή όποία έπραγματοποιήθη χθές, συνεζητήθη τό ζήτημα τό όποίον άπασχολεί τούς ένδιαφερομένους. Έλήφθησαν άποφάσεις διά τήν ταχυτέραν προώθησιν τών σχετικών μέτρων καί τήν ίκανοποίησιν τών αίτημάτων, τά όποία έχουν ύποβληθή είς τό άρμόδιον ύπουργείον. Αί προτάσεις θά έξετασθούν έντός τών προσεχών ήμερών.

ΑΘΗΝΑΙ, 25.— Κατά τήν συνεδρίασιν τού διοικητικού συμβουλίου, ή όποία έπραγματοποιήθη χθές, συνεζητήθη τό ζήτημα τό όποίον άπασχολεί τούς ένδιαφερομένους. Έλήφθησαν άποφάσεις διά τήν ταχυτέραν προώθησιν τών σχετικών μέτρων καί τήν ίκανοποίησιν τών αίτημάτων, τά όποία έχουν ύποβληθή είς τό άρμόδιον ύπουργείον. Αί προτάσεις θά έξετασθούν έντός τών προσεχών ήμερών.

ΑΠΕΧΩΡΗΣΑΝ ΟΛΑΙ ΑΙ ΙΝΔΟΠΑΚΙΣΤΑΝΙΚΑΙ ΔΥΝΑΜΕΙΣ ΑΠΟ ΤΑΣ ΚΑΤΕΧΟΜΕΝΑΣ ΕΠΙ ΤΗΣ ΜΕΘΟΡΙΟΥ ΘΕΣΕΙΣ

ΑΘΗΝΑΙ, 25.— Κατά τήν συνεδρίασιν τού διοικητικού συμβουλίου, ή όποία έπραγματοποιήθη χθές, συνεζητήθη τό ζήτημα τό όποίον άπασχολεί τούς ένδιαφερομένους. Έλήφθησαν άποφάσεις διά τήν ταχυτέραν προώθησιν τών σχετικών μέτρων καί τήν ίκανοποίησιν τών αίτημάτων, τά όποία έχουν ύποβληθή είς τό άρμόδιον ύπουργείον. Αί προτάσεις θά έξετασθούν έντός τών προσεχών ήμερών.

ΥΠΟΓΡΑΦΗ ΔΙΑΣΚΕΨΕΩΣ

ΑΘΗΝΑΙ, 25.— Κατά τήν συνεδρίασιν τού διοικητικού συμβουλίου, ή όποία έπραγματοποιήθη χθές, συνεζητήθη τό ζήτημα τό όποίον άπασχολεί τούς ένδιαφερομένους. Έλήφθησαν άποφάσεις διά τήν ταχυτέραν προώθησιν τών σχετικών μέτρων καί τήν ίκανοποίησιν τών αίτημάτων, τά όποία έχουν ύποβληθή είς τό άρμόδιον ύπουργείον. Αί προτάσεις θά έξετασθούν έντός τών προσεχών ήμερών.

ΟΙ ΡΩΣΣΟΙ ΖΗΤΟΥΝ ΕΓΓΥΗΣΕΙΣ ΑΜΕΡΟΛΗΨΙΑΣ ΑΠΟ ΤΑΣ ΑΘΛΗΤΙΚΑΣ ΑΡΧΑΣ ΤΗΣ Δ. ΓΕΡΜΑΝΙΑΣ

ΑΘΗΝΑΙ, 25.— Κατά τήν συνεδρίασιν τού διοικητικού συμβουλίου, ή όποία έπραγματοποιήθη χθές, συνεζητήθη τό ζήτημα τό όποίον άπασχολεί τούς ένδιαφερομένους. Έλήφθησαν άποφάσεις διά τήν ταχυτέραν προώθησιν τών σχετικών μέτρων καί τήν ίκανοποίησιν τών αίτημάτων, τά όποία έχουν ύποβληθή είς τό άρμόδιον ύπουργείον. Αί προτάσεις θά έξετασθούν έντός τών προσεχών ήμερών.

ΑΘΗΝΑΙ, 25.— Κατά τήν συνεδρίασιν τού διοικητικού συμβουλίου, ή όποία έπραγματοποιήθη χθές, συνεζητήθη τό ζήτημα τό όποίον άπασχολεί τούς ένδιαφερομένους. Έλήφθησαν άποφάσεις διά τήν ταχυτέραν προώθησιν τών σχετικών μέτρων καί τήν ίκανοποίησιν τών αίτημάτων, τά όποία έχουν ύποβληθή είς τό άρμόδιον ύπουργείον. Αί προτάσεις θά έξετασθούν έντός τών προσεχών ήμερών.

Ο Κ. ΜΑΚ ΝΟΤΟΝ ΜΕΤΕΒΗ ΕΙΣ ΤΗΝ ΑΓΚΥΡΑΝ ΠΡΟΣ ΔΙΕΞΑΓΩΓΗΝ ΚΑΙ ΕΚΕΙ ΣΥΝΟΜΙΛΙΩΝ
ΣΥΝΟΔΕΙΑ ΕΙΣ ΤΑ ΑΛΛΑΧΑΡ

ΑΘΗΝΑΙ, 25.— Κατά τήν συνεδρίασιν τού διοικητικού συμβουλίου, ή όποία έπραγματοποιήθη χθές, συνεζητήθη τό ζήτημα τό όποίον άπασχολεί τούς ένδιαφερομένους. Έλήφθησαν άποφάσεις διά τήν ταχυτέραν προώθησιν τών σχετικών μέτρων καί τήν ίκανοποίησιν τών αίτημάτων, τά όποία έχουν ύποβληθή είς τό άρμόδιον ύπουργείον. Αί προτάσεις θά έξετασθούν έντός τών προσεχών ήμερών.

ΕΙΣ ΤΗΝ ΒΙΕΝΝΗΝ

ΑΘΗΝΑΙ, 25.— Κατά τήν συνεδρίασιν τού διοικητικού συμβουλίου, ή όποία έπραγματοποιήθη χθές, συνεζητήθη τό ζήτημα τό όποίον άπασχολεί τούς ένδιαφερομένους. Έλήφθησαν άποφάσεις διά τήν ταχυτέραν προώθησιν τών σχετικών μέτρων καί τήν ίκανοποίησιν τών αίτημάτων, τά όποία έχουν ύποβληθή είς τό άρμόδιον ύπουργείον. Αί προτάσεις θά έξετασθούν έντός τών προσεχών ήμερών.

ΜΕΤΕΒΗ ΕΙΣ ΑΓΚΥΡΑΝ

ΑΘΗΝΑΙ, 25.— Κατά τήν συνεδρίασιν τού διοικητικού συμβουλίου, ή όποία έπραγματοποιήθη χθές, συνεζητήθη τό ζήτημα τό όποίον άπασχολεί τούς ένδιαφερομένους. Έλήφθησαν άποφάσεις διά τήν ταχυτέραν προώθησιν τών σχετικών μέτρων καί τήν ίκανοποίησιν τών αίτημάτων, τά όποία έχουν ύποβληθή είς τό άρμόδιον ύπουργείον. Αί προτάσεις θά έξετασθούν έντός τών προσεχών ήμερών.

ΜΙΚΡΑΙ ΕΙΔΗΣΕΙΣ ΕΞ ΑΘΗΝΩΝ

ΑΘΗΝΑΙ, 25.— Κατά τήν συνεδρίασιν τού διοικητικού συμβουλίου, ή όποία έπραγματοποιήθη χθές, συνεζητήθη τό ζήτημα τό όποίον άπασχολεί τούς ένδιαφερομένους. Έλήφθησαν άποφάσεις διά τήν ταχυτέραν προώθησιν τών σχετικών μέτρων καί τήν ίκανοποίησιν τών αίτημάτων, τά όποία έχουν ύποβληθή είς τό άρμόδιον ύπουργείον. Αί προτάσεις θά έξετασθούν έντός τών προσεχών ήμερών.

ΑΘΗΝΑΙ, 25.— Κατά τήν συνεδρίασιν τού διοικητικού συμβουλίου, ή όποία έπραγματοποιήθη χθές, συνεζητήθη τό ζήτημα τό όποίον άπασχολεί τούς ένδιαφερομένους. Έλήφθησαν άποφάσεις διά τήν ταχυτέραν προώθησιν τών σχετικών μέτρων καί τήν ίκανοποίησιν τών αίτημάτων, τά όποία έχουν ύποβληθή είς τό άρμόδιον ύπουργείον. Αί προτάσεις θά έξετασθούν έντός τών προσεχών ήμερών.

ΑΘΗΝΑΙ, 25.— Κατά τήν συνεδρίασιν τού διοικητικού συμβουλίου, ή όποία έπραγματοποιήθη χθές, συνεζητήθη τό ζήτημα τό όποίον άπασχολεί τούς ένδιαφερομένους. Έλήφθησαν άποφάσεις διά τήν ταχυτέραν προώθησιν τών σχετικών μέτρων καί τήν ίκανοποίησιν τών αίτημάτων, τά όποία έχουν ύποβληθή είς τό άρμόδιον ύπουργείον. Αί προτάσεις θά έξετασθούν έντός τών προσεχών ήμερών.

ΑΡΧΑΣ ΑΥΓΟΥΣΤΟΥ ΘΑ ΔΟΘΗ ΕΙΣ ΚΥΚΛΟΦΟΡΙΑΝ Η ΕΘΝΙΚΗ ΟΔΟΣ ΛΑΜΙΑΣ — ΑΛΜΥΡΟΥ

ΑΘΗΝΑΙ, 25.— Κατά τήν συνεδρίασιν τού διοικητικού συμβουλίου, ή όποία έπραγματοποιήθη χθές, συνεζητήθη τό ζήτημα τό όποίον άπασχολεί τούς ένδιαφερομένους. Έλήφθησαν άποφάσεις διά τήν ταχυτέραν προώθησιν τών σχετικών μέτρων καί τήν ίκανοποίησιν τών αίτημάτων, τά όποία έχουν ύποβληθή είς τό άρμόδιον ύπουργείον. Αί προτάσεις θά έξετασθούν έντός τών προσεχών ήμερών.

ΚΡΑΤΙΚΑ ΚΤΙΡΙΑ ΔΙΑ ΤΗΝ ΣΤΕΓΑΣΙΝ ΤΩΝ ΕΦΟΡΙΩΝ ΚΑΙ ΤΩΝ ΤΑΜΕΙΩΝ

ΑΘΗΝΑΙ, 25.— Κατά τήν συνεδρίασιν τού διοικητικού συμβουλίου, ή όποία έπραγματοποιήθη χθές, συνεζητήθη τό ζήτημα τό όποίον άπασχολεί τούς ένδιαφερομένους. Έλήφθησαν άποφάσεις διά τήν ταχυτέραν προώθησιν τών σχετικών μέτρων καί τήν ίκανοποίησιν τών αίτημάτων, τά όποία έχουν ύποβληθή είς τό άρμόδιον ύπουργείον. Αί προτάσεις θά έξετασθούν έντός τών προσεχών ήμερών.

Ο ΠΡΩΘΥΠΟΥΡΓΟΣ ΘΑ ΔΕΧΘΗ ΣΗΜΕΡΟΝ ΤΟΝ ΑΡΧΙΕΠΙΣΚΟΠΟΝ

ΑΘΗΝΑΙ, 25.— Κατά τήν συνεδρίασιν τού διοικητικού συμβουλίου, ή όποία έπραγματοποιήθη χθές, συνεζητήθη τό ζήτημα τό όποίον άπασχολεί τούς ένδιαφερομένους. Έλήφθησαν άποφάσεις διά τήν ταχυτέραν προώθησιν τών σχετικών μέτρων καί τήν ίκανοποίησιν τών αίτημάτων, τά όποία έχουν ύποβληθή είς τό άρμόδιον ύπουργείον. Αί προτάσεις θά έξετασθούν έντός τών προσεχών ήμερών.

Ο ΜΗΤΡΟΠΟΛΙΤΗΣ ΗΛΕΙΑΣ ΕΙΣ ΔΙΕΘΝΗ ΔΙΑΣΚΕΨΙΝ ΣΥΜΒΟΥΛΙΟΥ ΕΚΚΛΗΣΙΩΝ

ΑΘΗΝΑΙ, 25.— Κατά τήν συνεδρίασιν τού διοικητικού συμβουλίου, ή όποία έπραγματοποιήθη χθές, συνεζητήθη τό ζήτημα τό όποίον άπασχολεί τούς ένδιαφερομένους. Έλήφθησαν άποφάσεις διά τήν ταχυτέραν προώθησιν τών σχετικών μέτρων καί τήν ίκανοποίησιν τών αίτημάτων, τά όποία έχουν ύποβληθή είς τό άρμόδιον ύπουργείον. Αί προτάσεις θά έξετασθούν έντός τών προσεχών ήμερών.

Η ΕΛΛΑΣ ΘΑ ΜΕΤΑΣΧΗ ΤΗΣ ΔΙΕΘΝΟΥΣ ΕΚΘΕΣΕΩΣ ΕΙΣ ΑΦΡΙΚΗΝ

ΑΘΗΝΑΙ, 25.— Κατά τήν συνεδρίασιν τού διοικητικού συμβουλίου, ή όποία έπραγματοποιήθη χθές, συνεζητήθη τό ζήτημα τό όποίον άπασχολεί τούς ένδιαφερομένους. Έλήφθησαν άποφάσεις διά τήν ταχυτέραν προώθησιν τών σχετικών μέτρων καί τήν ίκανοποίησιν τών αίτημάτων, τά όποία έχουν ύποβληθή είς τό άρμόδιον ύπουργείον. Αί προτάσεις θά έξετασθούν έντός τών προσεχών ήμερών.

ΤΟ ΕΠΙΣΗΜΟΝ ΕΠΙΣΚΕΨΙΣ

ΑΘΗΝΑΙ, 25.— Κατά τήν συνεδρίασιν τού διοικητικού συμβουλίου, ή όποία έπραγματοποιήθη χθές, συνεζητήθη τό ζήτημα τό όποίον άπασχολεί τούς ένδιαφερομένους. Έλήφθησαν άποφάσεις διά τήν ταχυτέραν προώθησιν τών σχετικών μέτρων καί τήν ίκανοποίησιν τών αίτημάτων, τά όποία έχουν ύποβληθή είς τό άρμόδιον ύπουργείον. Αί προτάσεις θά έξετασθούν έντός τών προσεχών ήμερών.

ΤΑ ΒΡΑΒΕΥΘΕΝΤΑ ΚΑΡΝΑΒΑΛΙΑ ΤΗΣ ΝΑΟΥΣΗΣ

ΑΘΗΝΑΙ, 25.— Κατά τήν συνεδρίασιν τού διοικητικού συμβουλίου, ή όποία έπραγματοποιήθη χθές, συνεζητήθη τό ζήτημα τό όποίον άπασχολεί τούς ένδιαφερομένους. Έλήφθησαν άποφάσεις διά τήν ταχυτέραν προώθησιν τών σχετικών μέτρων καί τήν ίκανοποίησιν τών αίτημάτων, τά όποία έχουν ύποβληθή είς τό άρμόδιον ύπουργείον. Αί προτάσεις θά έξετασθούν έντός τών προσεχών ήμερών.

ΕΠΙΔΗΞΙΝ ΕΙΣ ΙΑΤΡΟΝ ΤΗΝ... ΠΡΟΙΚΑ ΤΗΣ ΑΔΕΛΦΗΣ ΤΟΥ

ΑΘΗΝΑΙ, 25.— Κατά τήν συνεδρίασιν τού διοικητικού συμβουλίου, ή όποία έπραγματοποιήθη χθές, συνεζητήθη τό ζήτημα τό όποίον άπασχολεί τούς ένδιαφερομένους. Έλήφθησαν άποφάσεις διά τήν ταχυτέραν προώθησιν τών σχετικών μέτρων καί τήν ίκανοποίησιν τών αίτημάτων, τά όποία έχουν ύποβληθή είς τό άρμόδιον ύπουργείον. Αί προτάσεις θά έξετασθούν έντός τών προσεχών ήμερών.

ΑΝΕΒΛΗΘΗ Η ΔΙΚΗ ΤΟΥ ΛΟΓΙΣΤΟΥ ΤΟΥ ΒΡΕΦΟΚΟΜΕΙΟΥ

ΑΘΗΝΑΙ, 25.— Κατά τήν συνεδρίασιν τού διοικητικού συμβουλίου, ή όποία έπραγματοποιήθη χθές, συνεζητήθη τό ζήτημα τό όποίον άπασχολεί τούς ένδιαφερομένους. Έλήφθησαν άποφάσεις διά τήν ταχυτέραν προώθησιν τών σχετικών μέτρων καί τήν ίκανοποίησιν τών αίτημάτων, τά όποία έχουν ύποβληθή είς τό άρμόδιον ύπουργείον. Αί προτάσεις θά έξετασθούν έντός τών προσεχών ήμερών.

ΦΥΛΑΚΙΣΙΣ 30 ΜΗΝΩΝ ΕΙΣ "ΨΕΥΤΟΣΕΛΙΔΟΦΩΝ" ΤΟΥ ΚΑΡΑΜΑΝΛΗ

ΑΘΗΝΑΙ, 25.— Κατά τήν συνεδρίασιν τού διοικητικού συμβουλίου, ή όποία έπραγματοποιήθη χθές, συνεζητήθη τό ζήτημα τό όποίον άπασχολεί τούς ένδιαφερομένους. Έλήφθησαν άποφάσεις διά τήν ταχυτέραν προώθησιν τών σχετικών μέτρων καί τήν ίκανοποίησιν τών αίτημάτων, τά όποία έχουν ύποβληθή είς τό άρμόδιον ύπουργείον. Αί προτάσεις θά έξετασθούν έντός τών προσεχών ήμερών.

ΚΑΤΑΔΙΚΗ ΧΩΡΙΚΟΥ ΔΙ' ΑΦΑΝΙΣΜΟΝ ΚΑΙ ΑΜΕΛΕΙΑΣ

ΑΘΗΝΑΙ, 25.— Κατά τήν συνεδρίασιν τού διοικητικού συμβουλίου, ή όποία έπραγματοποιήθη χθές, συνεζητήθη τό ζήτημα τό όποίον άπασχολεί τούς ένδιαφερομένους. Έλήφθησαν άποφάσεις διά τήν ταχυτέραν προώθησιν τών σχετικών μέτρων καί τήν ίκανοποίησιν τών αίτημάτων, τά όποία έχουν ύποβληθή είς τό άρμόδιον ύπουργείον. Αί προτάσεις θά έξετασθούν έντός τών προσεχών ήμερών.

ΝΕΟΣ ΑΝΤΕΙΣΑΓΓΕΛΕΥΣ ΤΩΝ ΕΦΕΤΩΝ

ΑΘΗΝΑΙ, 25.— Κατά τήν συνεδρίασιν τού διοικητικού συμβουλίου, ή όποία έπραγματοποιήθη χθές, συνεζητήθη τό ζήτημα τό όποίον άπασχολεί τούς ένδιαφερομένους. Έλήφθησαν άποφάσεις διά τήν ταχυτέραν προώθησιν τών σχετικών μέτρων καί τήν ίκανοποίησιν τών αίτημάτων, τά όποία έχουν ύποβληθή είς τό άρμόδιον ύπουργείον. Αί προτάσεις θά έξετασθούν έντός τών προσεχών ήμερών.

ΤΑ ΕΣΟΔΑ ΚΙΝΗΣΕΩΣ ΤΩΝ ΒΟΗΘΩΝ ΤΑΜΕΙΩΝ

ΑΘΗΝΑΙ, 25.— Κατά τήν συνεδρίασιν τού διοικητικού συμβουλίου, ή όποία έπραγματοποιήθη χθές, συνεζητήθη τό ζήτημα τό όποίον άπασχολεί τούς ένδιαφερομένους. Έλήφθησαν άποφάσεις διά τήν ταχυτέραν προώθησιν τών σχετικών μέτρων καί τήν ίκανοποίησιν τών αίτημάτων, τά όποία έχουν ύποβληθή είς τό άρμόδιον ύπουργείον. Αί προτάσεις θά έξετασθούν έντός τών προσεχών ήμερών.

ΙΣΧΥΡΟΣ ΣΕΙΣΜΟΣ ΕΙΣ ΤΟ ΗΡΑΚΛΕΙΟΝ

ΑΘΗΝΑΙ, 25.— Κατά τήν συνεδρίασιν τού διοικητικού συμβουλίου, ή όποία έπραγματοποιήθη χθές, συνεζητήθη τό ζήτημα τό όποίον άπασχολεί τούς ένδιαφερομένους. Έλήφθησαν άποφάσεις διά τήν ταχυτέραν προώθησιν τών σχετικών μέτρων καί τήν ίκανοποίησιν τών αίτημάτων, τά όποία έχουν ύποβληθή είς τό άρμόδιον ύπουργείον. Αί προτάσεις θά έξετασθούν έντός τών προσεχών ήμερών.

ΘΑΝΑΤΟΣ ΓΡΑΙΑΣ ΕΞ ΕΚΑΥΜΑΤΩΝ

ΑΘΗΝΑΙ, 25.— Κατά τήν συνεδρίασιν τού διοικητικού συμβουλίου, ή όποία έπραγματοποιήθη χθές, συνεζητήθη τό ζήτημα τό όποίον άπασχολεί τούς ένδιαφερομένους. Έλήφθησαν άποφάσεις διά τήν ταχυτέραν προώθησιν τών σχετικών μέτρων καί τήν ίκανοποίησιν τών αίτημάτων, τά όποία έχουν ύποβληθή είς τό άρμόδιον ύπουργείον. Αί προτάσεις θά έξετασθούν έντός τών προσεχών ήμερών.

ΚΑΝΟΝΙΚΗ Η ΔΙΑΒΙΩΣΙΣ ΤΩΝ ΔΥΟ ΣΚΥΛΩΝ ΕΙΣ ΤΟΝ ΡΩΣΣΙΚΟΝ ΔΟΡΥΦΟΡΟΝ "ΚΟΣΜΟΣ"
ΤΕΤΑΡΤΗ ΠΡΟΣΠΑΘΕΙΑ ΔΙΑ ΤΟ "ΑΠΟΛΛΩΝ"

ΑΘΗΝΑΙ, 25.— Κατά τήν συνεδρίασιν τού διοικητικού συμβουλίου, ή όποία έπραγματοποιήθη χθές, συνεζητήθη τό ζήτημα τό όποίον άπασχολεί τούς ένδιαφερομένους. Έλήφθησαν άποφάσεις διά τήν ταχυτέραν προώθησιν τών σχετικών μέτρων καί τήν ίκανοποίησιν τών αίτημάτων, τά όποία έχουν ύποβληθή είς τό άρμόδιον ύπουργείον. Αί προτάσεις θά έξετασθούν έντός τών προσεχών ήμερών.

ΤΟ «ΣΕΛΗΝΟΠΟΙΚΟΝ»

ΑΘΗΝΑΙ, 25.— Κατά τήν συνεδρίασιν τού διοικητικού συμβουλίου, ή όποία έπραγματοποιήθη χθές, συνεζητήθη τό ζήτημα τό όποίον άπασχολεί τούς ένδιαφερομένους. Έλήφθησαν άποφάσεις διά τήν ταχυτέραν προώθησιν τών σχετικών μέτρων καί τήν ίκανοποίησιν τών αίτημάτων, τά όποία έχουν ύποβληθή είς τό άρμόδιον ύπουργείον. Αί προτάσεις θά έξετασθούν έντός τών προσεχών ήμερών.

Η ΓΑΛΛΙΑ ΕΠΕΒΑΛΕ ΤΑΣ ΑΠΟΨΕΙΣ ΤΗΣ ΕΠΙ ΤΗΣ ΕΥΡΩΠΑΪΚΗΣ ΚΟΙΝΗΣ ΑΓΟΡΑΣ
ΑΝΘΗΡΑ Η ΟΙΚΟΝΟΜΙΑ ΤΟΥ ΟΡΓΑΝΙΣΜΟΥ

ΑΘΗΝΑΙ, 25.— Κατά τήν συνεδρίασιν τού διοικητικού συμβουλίου, ή όποία έπραγματοποιήθη χθές, συνεζητήθη τό ζήτημα τό όποίον άπασχολεί τούς ένδιαφερομένους. Έλήφθησαν άποφάσεις διά τήν ταχυτέραν προώθησιν τών σχετικών μέτρων καί τήν ίκανοποίησιν τών αίτημάτων, τά όποία έχουν ύποβληθή είς τό άρμόδιον ύπουργείον. Αί προτάσεις θά έξετασθούν έντός τών προσεχών ήμερών.

ΑΘΗΝΑΙ, 25.— Κατά τήν συνεδρίασιν τού διοικητικού συμβουλίου, ή όποία έπραγματοποιήθη χθές, συνεζητήθη τό ζήτημα τό όποίον άπασχολεί τούς ένδιαφερομένους. Έλήφθησαν άποφάσεις διά τήν ταχυτέραν προώθησιν τών σχετικών μέτρων καί τήν ίκανοποίησιν τών αίτημάτων, τά όποία έχουν ύποβληθή είς τό άρμόδιον ύπουργείον. Αί προτάσεις θά έξετασθούν έντός τών προσεχών ήμερών.

Η ΑΥΞΗΣΙΣ ΤΩΝ ΤΙΜΩΝ

ΑΘΗΝΑΙ, 25.— Κατά τήν συνεδρίασιν τού διοικητικού συμβουλίου, ή όποία έπραγματοποιήθη χθές, συνεζητήθη τό ζήτημα τό όποίον άπασχολεί τούς ένδιαφερομένους. Έλήφθησαν άποφάσεις διά τήν ταχυτέραν προώθησιν τών σχετικών μέτρων καί τήν ίκανοποίησιν τών αίτημάτων, τά όποία έχουν ύποβληθή είς τό άρμόδιον ύπουργείον. Αί προτάσεις θά έξετασθούν έντός τών προσεχών ήμερών.

ΑΘΗΝΑΙ, 25.— Κατά τήν συνεδρίασιν τού διοικητικού συμβουλίου, ή όποία έπραγματοποιήθη χθές, συνεζητήθη τό ζήτημα τό όποίον άπασχολεί τούς ένδιαφερομένους. Έλήφθησαν άποφάσεις διά τήν ταχυτέραν προώθησιν τών σχετικών μέτρων καί τήν ίκανοποίησιν τών αίτημάτων, τά όποία έχουν ύποβληθή είς τό άρμόδιον ύπουργείον. Αί προτάσεις θά έξετασθούν έντός τών προσεχών ήμερών.

Μ. Π. ΜΑΘΙΟΠΟΥΛΟΣ
ΛΙΑΝ ΣΗΜΑΝΤΙΚΑΣ ΔΥΣΧΕΡΕΙΑΣ ΠΑΡΟΥΣΙΑΖΕΙ ΤΟ ΚΥΚΛΟΦΟΡΙΑΚΟΝ ΠΡΟΒΛΗΜΑ ΕΙΣ ΑΓΓΛΙΑΝ
ΜΕΤΡΑ ΠΡΟΣ ΑΠΟΣΥΜΦΟΡΗΣΙΝ ΤΩΝ ΟΔΩΝ

ΑΘΗΝΑΙ, 25.— Κατά τήν συνεδρίασιν τού διοικητικού συμβουλίου, ή όποία έπραγματοποιήθη χθές, συνεζητήθη τό ζήτημα τό όποίον άπασχολεί τούς ένδιαφερομένους. Έλήφθησαν άποφάσεις διά τήν ταχυτέραν προώθησιν τών σχετικών μέτρων καί τήν ίκανοποίησιν τών αίτημάτων, τά όποία έχουν ύποβληθή είς τό άρμόδιον ύπουργείον. Αί προτάσεις θά έξετασθούν έντός τών προσεχών ήμερών.

ΑΘΗΝΑΙ, 25.— Κατά τήν συνεδρίασιν τού διοικητικού συμβουλίου, ή όποία έπραγματοποιήθη χθές, συνεζητήθη τό ζήτημα τό όποίον άπασχολεί τούς ένδιαφερομένους. Έλήφθησαν άποφάσεις διά τήν ταχυτέραν προώθησιν τών σχετικών μέτρων καί τήν ίκανοποίησιν τών αίτημάτων, τά όποία έχουν ύποβληθή είς τό άρμόδιον ύπουργείον. Αί προτάσεις θά έξετασθούν έντός τών προσεχών ήμερών.

ΑΘΗΝΑΙ, 25.— Κατά τήν συνεδρίασιν τού διοικητικού συμβουλίου, ή όποία έπραγματοποιήθη χθές, συνεζητήθη τό ζήτημα τό όποίον άπασχολεί τούς ένδιαφερομένους. Έλήφθησαν άποφάσεις διά τήν ταχυτέραν προώθησιν τών σχετικών μέτρων καί τήν ίκανοποίησιν τών αίτημάτων, τά όποία έχουν ύποβληθή είς τό άρμόδιον ύπουργείον. Αί προτάσεις θά έξετασθούν έντός τών προσεχών ήμερών.

Κ. ΧΑΤΖΗΑΡΓΥΡΗΣ
Ο ΚΙΝΗΜΑΤΟΓΡΑΦΟΣ ΠΑΡΗΓΚΩΝΙΣΕΝ ΕΣΧΑΤΩΣ ΤΑΣ ΘΕΑΜΑΤΙΚΑΣ ΤΑΥΡΟΜΑΧΙΑΣ ΕΙΣ ΙΣΠΑΝΙΑΝ

ΑΘΗΝΑΙ, 25.— Κατά τήν συνεδρίασιν τού διοικητικού συμβουλίου, ή όποία έπραγματοποιήθη χθές, συνεζητήθη τό ζήτημα τό όποίον άπασχολεί τούς ένδιαφερομένους. Έλήφθησαν άποφάσεις διά τήν ταχυτέραν προώθησιν τών σχετικών μέτρων καί τήν ίκανοποίησιν τών αίτημάτων, τά όποία έχουν ύποβληθή είς τό άρμόδιον ύπουργείον. Αί προτάσεις θά έξετασθούν έντός τών προσεχών ήμερών.

ΑΘΗΝΑΙ, 25.— Κατά τήν συνεδρίασιν τού διοικητικού συμβουλίου, ή όποία έπραγματοποιήθη χθές, συνεζητήθη τό ζήτημα τό όποίον άπασχολεί τούς ένδιαφερομένους. Έλήφθησαν άποφάσεις διά τήν ταχυτέραν προώθησιν τών σχετικών μέτρων καί τήν ίκανοποίησιν τών αίτημάτων, τά όποία έχουν ύποβληθή είς τό άρμόδιον ύπουργείον. Αί προτάσεις θά έξετασθούν έντός τών προσεχών ήμερών.

ΑΘΗΝΑΙ, 25.— Κατά τήν συνεδρίασιν τού διοικητικού συμβουλίου, ή όποία έπραγματοποιήθη χθές, συνεζητήθη τό ζήτημα τό όποίον άπασχολεί τούς ένδιαφερομένους. Έλήφθησαν άποφάσεις διά τήν ταχυτέραν προώθησιν τών σχετικών μέτρων καί τήν ίκανοποίησιν τών αίτημάτων, τά όποία έχουν ύποβληθή είς τό άρμόδιον ύπουργείον. Αί προτάσεις θά έξετασθούν έντός τών προσεχών ήμερών.
